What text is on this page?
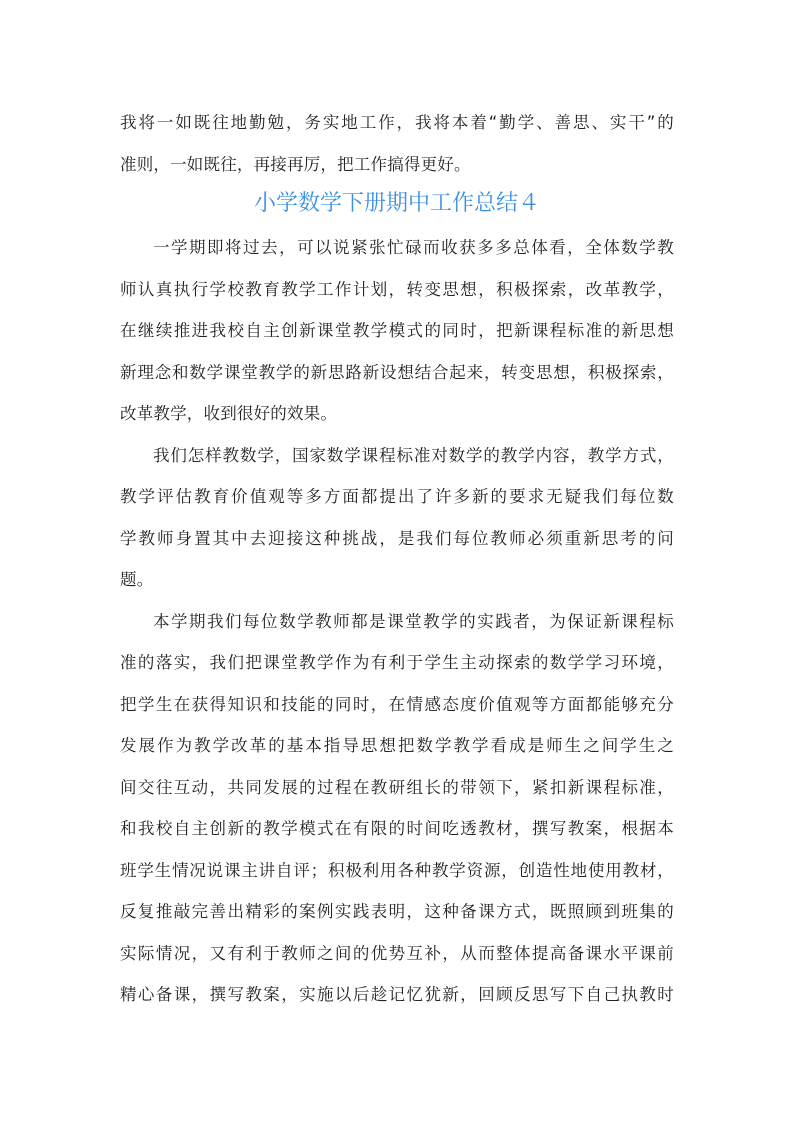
我将一如既往地勤勉，务实地工作，我将本着“勤学、善思、实干”的
准则，一如既往，再接再厉，把工作搞得更好。
小学数学下册期中工作总结４
一学期即将过去，可以说紧张忙碌而收获多多总体看，全体数学教
师认真执行学校教育教学工作计划，转变思想，积极探索，改革教学，
在继续推进我校自主创新课堂教学模式的同时，把新课程标准的新思想
新理念和数学课堂教学的新思路新设想结合起来，转变思想，积极探索，
改革教学，收到很好的效果。
我们怎样教数学，国家数学课程标准对数学的教学内容，教学方式，
教学评估教育价值观等多方面都提出了许多新的要求无疑我们每位数
学教师身置其中去迎接这种挑战，是我们每位教师必须重新思考的问
题。
本学期我们每位数学教师都是课堂教学的实践者，为保证新课程标
准的落实，我们把课堂教学作为有利于学生主动探索的数学学习环境，
把学生在获得知识和技能的同时，在情感态度价值观等方面都能够充分
发展作为教学改革的基本指导思想把数学教学看成是师生之间学生之
间交往互动，共同发展的过程在教研组长的带领下，紧扣新课程标准，
和我校自主创新的教学模式在有限的时间吃透教材，撰写教案，根据本
班学生情况说课主讲自评；积极利用各种教学资源，创造性地使用教材，
反复推敲完善出精彩的案例实践表明，这种备课方式，既照顾到班集的
实际情况，又有利于教师之间的优势互补，从而整体提高备课水平课前
精心备课，撰写教案，实施以后趁记忆犹新，回顾反思写下自己执教时
